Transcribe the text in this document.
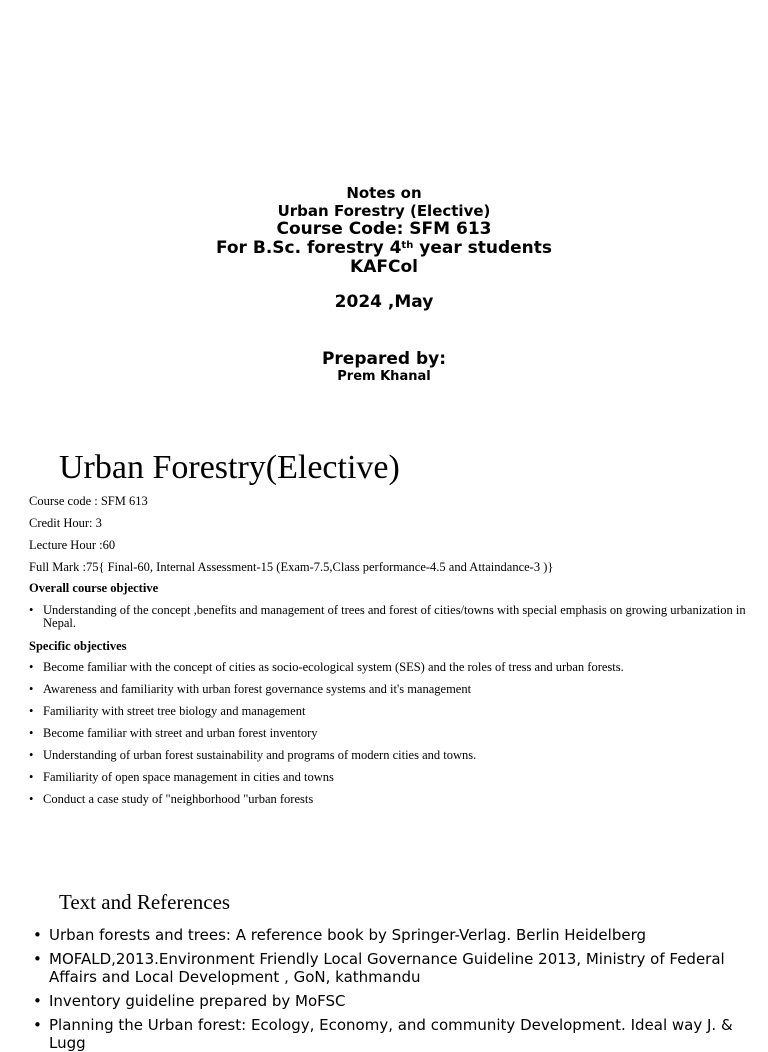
Notes on
Urban Forestry (Elective)
Course Code: SFM 613
For B.Sc. forestry 4th year students
KAFCol
2024 ,May
Prepared by:
Prem Khanal
Urban Forestry(Elective)
Course code : SFM 613
Credit Hour: 3
Lecture Hour :60
Full Mark :75{ Final-60, Internal Assessment-15 (Exam-7.5,Class performance-4.5 and Attaindance-3 )}
Overall course objective
• Understanding of the concept ,benefits and management of trees and forest of cities/towns with special emphasis on growing urbanization in Nepal.
Specific objectives
• Become familiar with the concept of cities as socio-ecological system (SES) and the roles of tress and urban forests.
• Awareness and familiarity with urban forest governance systems and it's management
• Familiarity with street tree biology and management
• Become familiar with street and urban forest inventory
• Understanding of urban forest sustainability and programs of modern cities and towns.
• Familiarity of open space management in cities and towns
• Conduct a case study of "neighborhood "urban forests
Text and References
• Urban forests and trees: A reference book by Springer-Verlag. Berlin Heidelberg
• MOFALD,2013.Environment Friendly Local Governance Guideline 2013, Ministry of Federal Affairs and Local Development , GoN, kathmandu
• Inventory guideline prepared by MoFSC
• Planning the Urban forest: Ecology, Economy, and community Development. Ideal way J. & Lugg
